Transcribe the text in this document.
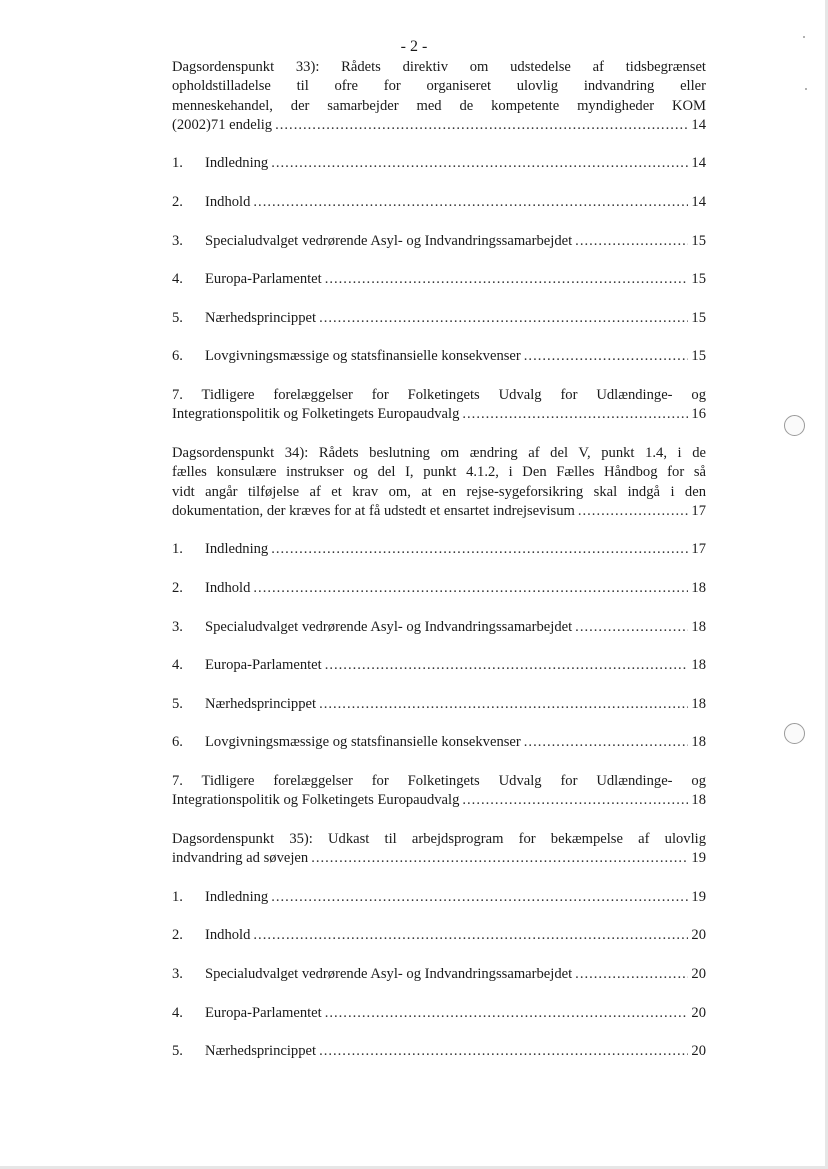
- 2 -
Dagsordenspunkt 33): Rådets direktiv om udstedelse af tidsbegrænset
opholdstilladelse til ofre for organiseret ulovlig indvandring eller
menneskehandel, der samarbejder med de kompetente myndigheder KOM
(2002)71 endelig .....	14
1.	Indledning .....	14
2.	Indhold .....	14
3.	Specialudvalget vedrørende Asyl- og Indvandringssamarbejdet .....	15
4.	Europa-Parlamentet .....	15
5.	Nærhedsprincippet .....	15
6.	Lovgivningsmæssige og statsfinansielle konsekvenser .....	15
7. Tidligere forelæggelser for Folketingets Udvalg for Udlændinge- og
Integrationspolitik og Folketingets Europaudvalg .....	16
Dagsordenspunkt 34): Rådets beslutning om ændring af del V, punkt 1.4, i de
fælles konsulære instrukser og del I, punkt 4.1.2, i Den Fælles Håndbog for så
vidt angår tilføjelse af et krav om, at en rejse-sygeforsikring skal indgå i den
dokumentation, der kræves for at få udstedt et ensartet indrejsevisum .....	17
1.	Indledning .....	17
2.	Indhold .....	18
3.	Specialudvalget vedrørende Asyl- og Indvandringssamarbejdet .....	18
4.	Europa-Parlamentet .....	18
5.	Nærhedsprincippet .....	18
6.	Lovgivningsmæssige og statsfinansielle konsekvenser .....	18
7. Tidligere forelæggelser for Folketingets Udvalg for Udlændinge- og
Integrationspolitik og Folketingets Europaudvalg .....	18
Dagsordenspunkt 35): Udkast til arbejdsprogram for bekæmpelse af ulovlig
indvandring ad søvejen .....	19
1.	Indledning .....	19
2.	Indhold .....	20
3.	Specialudvalget vedrørende Asyl- og Indvandringssamarbejdet .....	20
4.	Europa-Parlamentet .....	20
5.	Nærhedsprincippet .....	20
